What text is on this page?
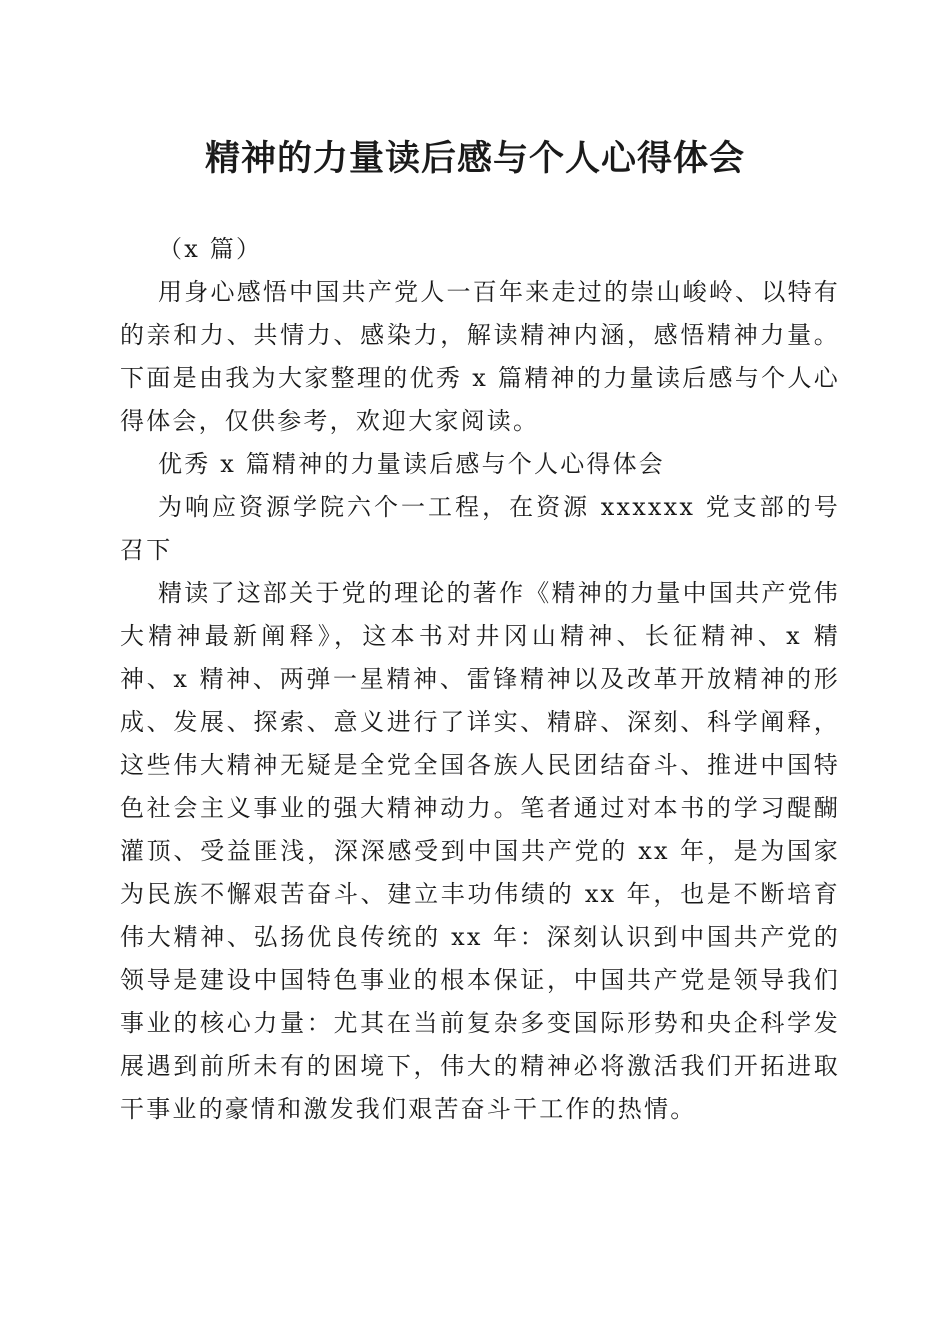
精神的力量读后感与个人心得体会

（x 篇）

用身心感悟中国共产党人一百年来走过的崇山峻岭、以特有的亲和力、共情力、感染力，解读精神内涵，感悟精神力量。下面是由我为大家整理的优秀 x 篇精神的力量读后感与个人心得体会，仅供参考，欢迎大家阅读。

优秀 x 篇精神的力量读后感与个人心得体会

为响应资源学院六个一工程，在资源 xxxxxx 党支部的号召下

精读了这部关于党的理论的著作《精神的力量中国共产党伟大精神最新阐释》，这本书对井冈山精神、长征精神、x 精神、x 精神、两弹一星精神、雷锋精神以及改革开放精神的形成、发展、探索、意义进行了详实、精辟、深刻、科学阐释，这些伟大精神无疑是全党全国各族人民团结奋斗、推进中国特色社会主义事业的强大精神动力。笔者通过对本书的学习醍醐灌顶、受益匪浅，深深感受到中国共产党的 xx 年，是为国家为民族不懈艰苦奋斗、建立丰功伟绩的 xx 年，也是不断培育伟大精神、弘扬优良传统的 xx 年：深刻认识到中国共产党的领导是建设中国特色事业的根本保证，中国共产党是领导我们事业的核心力量：尤其在当前复杂多变国际形势和央企科学发展遇到前所未有的困境下，伟大的精神必将激活我们开拓进取干事业的豪情和激发我们艰苦奋斗干工作的热情。
